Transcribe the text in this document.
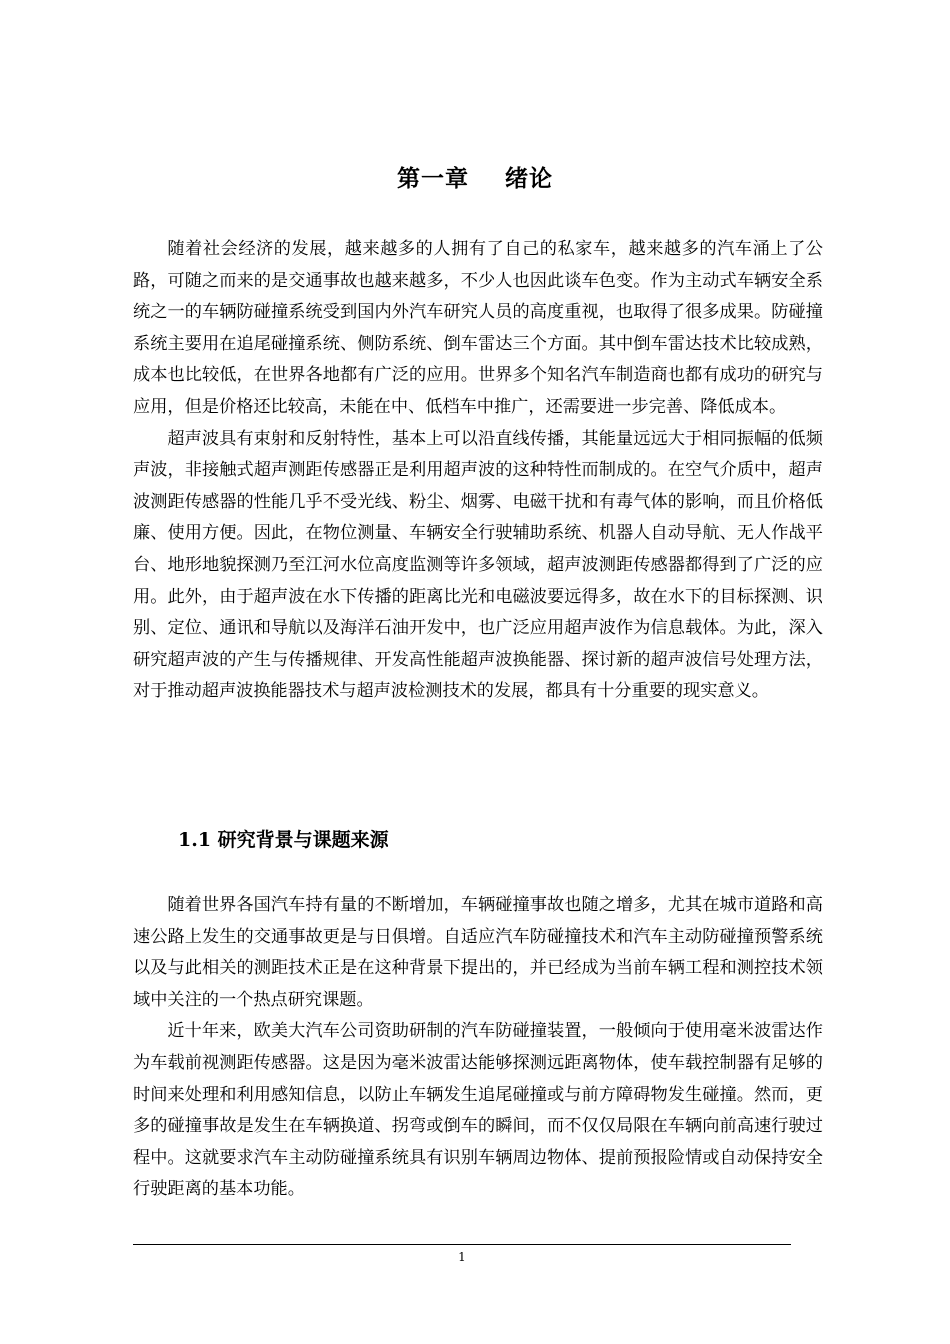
第一章    绪论

随着社会经济的发展，越来越多的人拥有了自己的私家车，越来越多的汽车涌上了公路，可随之而来的是交通事故也越来越多，不少人也因此谈车色变。作为主动式车辆安全系统之一的车辆防碰撞系统受到国内外汽车研究人员的高度重视，也取得了很多成果。防碰撞系统主要用在追尾碰撞系统、侧防系统、倒车雷达三个方面。其中倒车雷达技术比较成熟，成本也比较低，在世界各地都有广泛的应用。世界多个知名汽车制造商也都有成功的研究与应用，但是价格还比较高，未能在中、低档车中推广，还需要进一步完善、降低成本。

超声波具有束射和反射特性，基本上可以沿直线传播，其能量远远大于相同振幅的低频声波，非接触式超声测距传感器正是利用超声波的这种特性而制成的。在空气介质中，超声波测距传感器的性能几乎不受光线、粉尘、烟雾、电磁干扰和有毒气体的影响，而且价格低廉、使用方便。因此，在物位测量、车辆安全行驶辅助系统、机器人自动导航、无人作战平台、地形地貌探测乃至江河水位高度监测等许多领域，超声波测距传感器都得到了广泛的应用。此外，由于超声波在水下传播的距离比光和电磁波要远得多，故在水下的目标探测、识别、定位、通讯和导航以及海洋石油开发中，也广泛应用超声波作为信息载体。为此，深入研究超声波的产生与传播规律、开发高性能超声波换能器、探讨新的超声波信号处理方法，对于推动超声波换能器技术与超声波检测技术的发展，都具有十分重要的现实意义。

1.1 研究背景与课题来源

随着世界各国汽车持有量的不断增加，车辆碰撞事故也随之增多，尤其在城市道路和高速公路上发生的交通事故更是与日俱增。自适应汽车防碰撞技术和汽车主动防碰撞预警系统以及与此相关的测距技术正是在这种背景下提出的，并已经成为当前车辆工程和测控技术领域中关注的一个热点研究课题。

近十年来，欧美大汽车公司资助研制的汽车防碰撞装置，一般倾向于使用毫米波雷达作为车载前视测距传感器。这是因为毫米波雷达能够探测远距离物体，使车载控制器有足够的时间来处理和利用感知信息，以防止车辆发生追尾碰撞或与前方障碍物发生碰撞。然而，更多的碰撞事故是发生在车辆换道、拐弯或倒车的瞬间，而不仅仅局限在车辆向前高速行驶过程中。这就要求汽车主动防碰撞系统具有识别车辆周边物体、提前预报险情或自动保持安全行驶距离的基本功能。

1
